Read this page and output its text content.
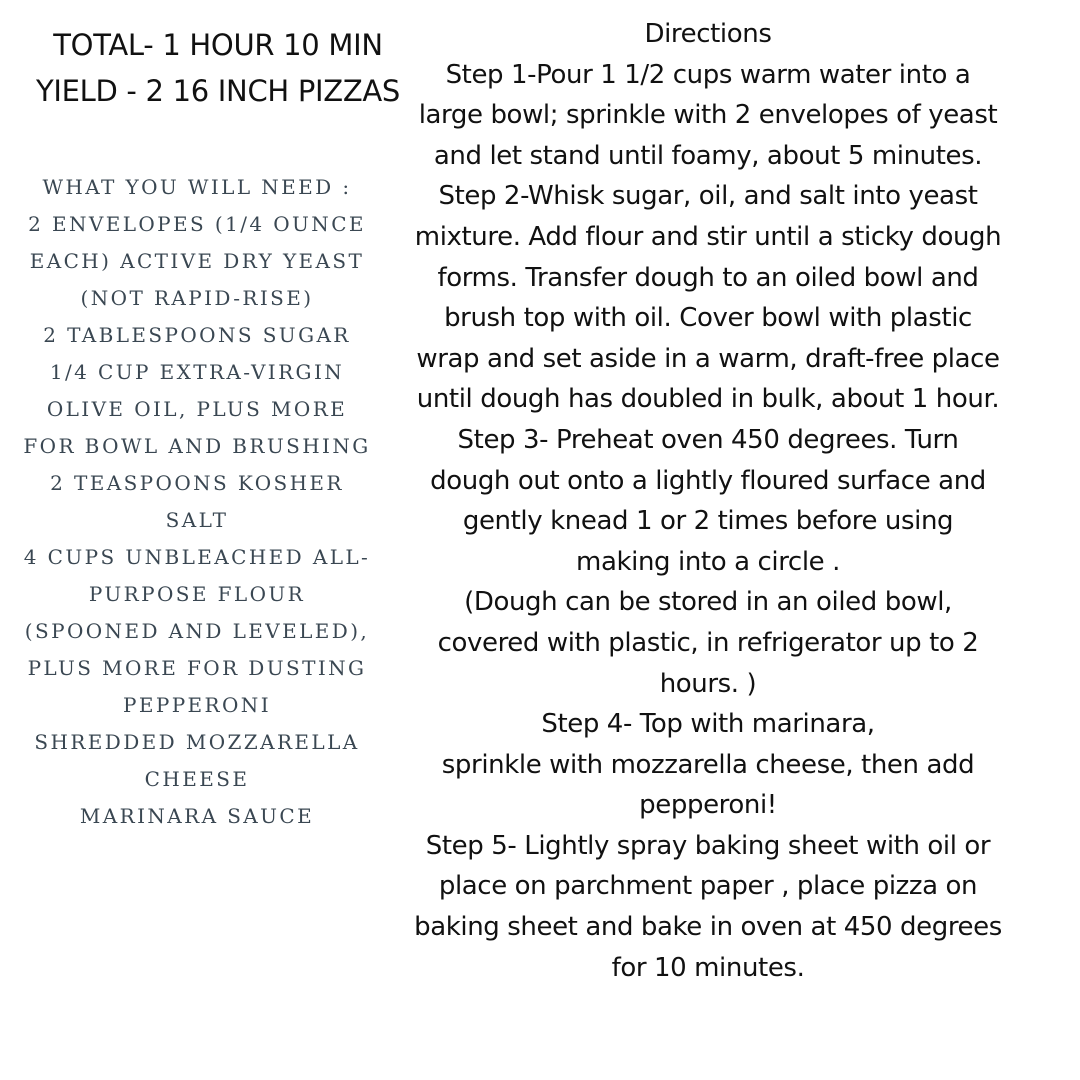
TOTAL- 1 HOUR 10 MIN
YIELD - 2 16 INCH PIZZAS
WHAT YOU WILL NEED :
2 ENVELOPES (1/4 OUNCE EACH) ACTIVE DRY YEAST (NOT RAPID-RISE)
2 TABLESPOONS SUGAR
1/4 CUP EXTRA-VIRGIN OLIVE OIL, PLUS MORE FOR BOWL AND BRUSHING
2 TEASPOONS KOSHER SALT
4 CUPS UNBLEACHED ALL-PURPOSE FLOUR (SPOONED AND LEVELED), PLUS MORE FOR DUSTING
PEPPERONI
SHREDDED MOZZARELLA CHEESE
MARINARA SAUCE
Directions
Step 1-Pour 1 1/2 cups warm water into a large bowl; sprinkle with 2 envelopes of yeast and let stand until foamy, about 5 minutes.
Step 2-Whisk sugar, oil, and salt into yeast mixture. Add flour and stir until a sticky dough forms. Transfer dough to an oiled bowl and brush top with oil. Cover bowl with plastic wrap and set aside in a warm, draft-free place until dough has doubled in bulk, about 1 hour.
Step 3- Preheat oven 450 degrees. Turn dough out onto a lightly floured surface and gently knead 1 or 2 times before using making into a circle .
(Dough can be stored in an oiled bowl, covered with plastic, in refrigerator up to 2 hours. )
Step 4- Top with marinara,
sprinkle with mozzarella cheese, then add pepperoni!
Step 5- Lightly spray baking sheet with oil or place on parchment paper , place pizza on baking sheet and bake in oven at 450 degrees for 10 minutes.
